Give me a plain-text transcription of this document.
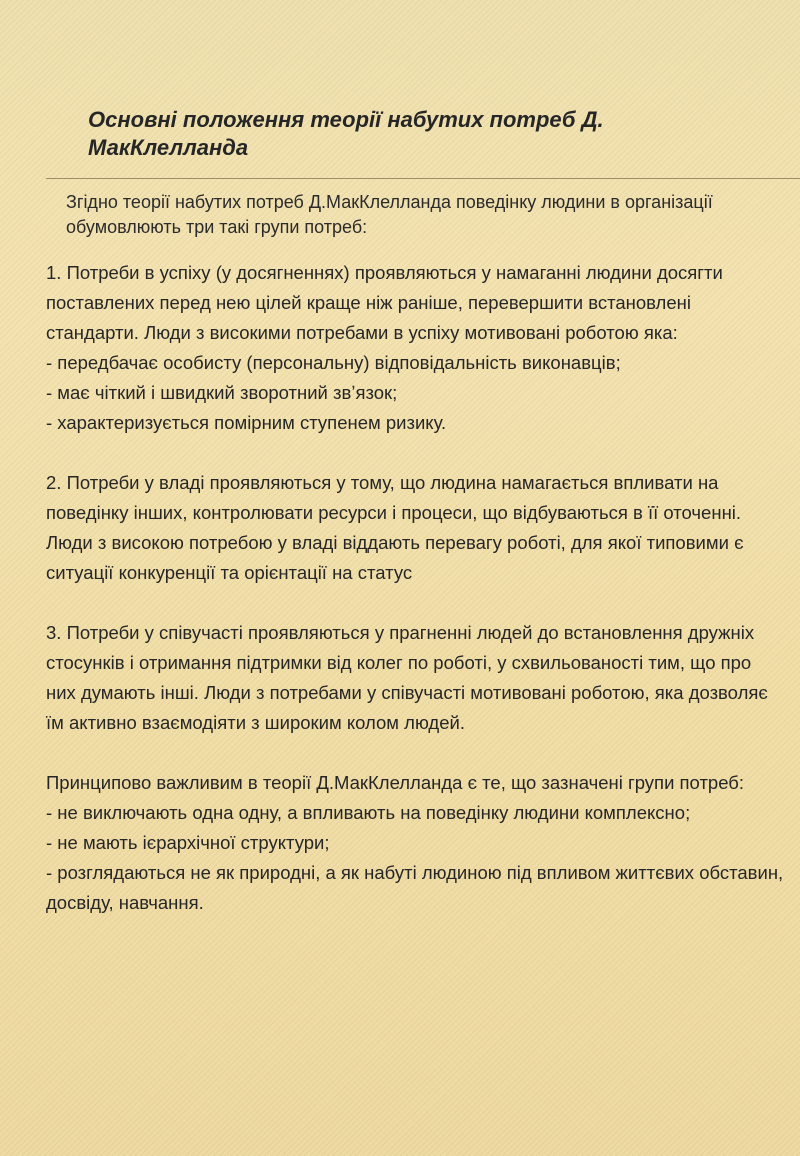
Основні положення теорії набутих потреб Д. МакКлелланда

Згідно теорії набутих потреб Д.МакКлелланда поведінку людини в організації обумовлюють три такі групи потреб:

1. Потреби в успіху (у досягненнях) проявляються у намаганні людини досягти поставлених перед нею цілей краще ніж раніше, перевершити встановлені стандарти. Люди з високими потребами в успіху мотивовані роботою яка:

- передбачає особисту (персональну) відповідальність виконавців;

- має чіткий і швидкий зворотний звʼязок;

- характеризується помірним ступенем ризику.

2. Потреби у владі проявляються у тому, що людина намагається впливати на поведінку інших, контролювати ресурси і процеси, що відбуваються в її оточенні. Люди з високою потребою у владі віддають перевагу роботі, для якої типовими є ситуації конкуренції та орієнтації на статус

3. Потреби у співучасті проявляються у прагненні людей до встановлення дружніх стосунків і отримання підтримки від колег по роботі, у схвильованості тим, що про них думають інші. Люди з потребами у співучасті мотивовані роботою, яка дозволяє їм активно взаємодіяти з широким колом людей.

Принципово важливим в теорії Д.МакКлелланда є те, що зазначені групи потреб:

- не виключають одна одну, а впливають на поведінку людини комплексно;

- не мають ієрархічної структури;

- розглядаються не як природні, а як набуті людиною під впливом життєвих обставин, досвіду, навчання.
